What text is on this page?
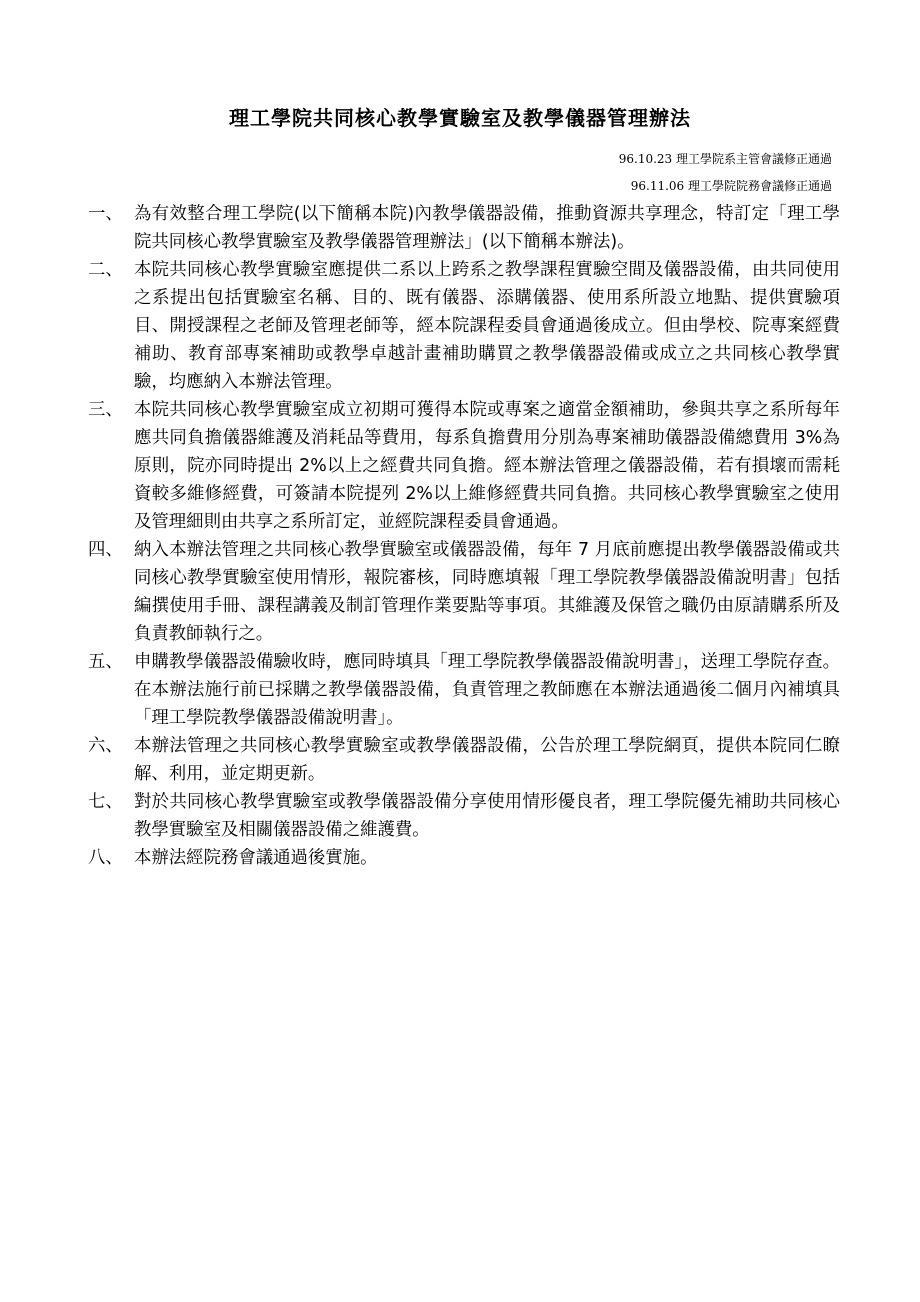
理工學院共同核心教學實驗室及教學儀器管理辦法
96.10.23 理工學院系主管會議修正通過
96.11.06 理工學院院務會議修正通過
一、 為有效整合理工學院(以下簡稱本院)內教學儀器設備，推動資源共享理念，特訂定「理工學院共同核心教學實驗室及教學儀器管理辦法」(以下簡稱本辦法)。
二、 本院共同核心教學實驗室應提供二系以上跨系之教學課程實驗空間及儀器設備，由共同使用之系提出包括實驗室名稱、目的、既有儀器、添購儀器、使用系所設立地點、提供實驗項目、開授課程之老師及管理老師等，經本院課程委員會通過後成立。但由學校、院專案經費補助、教育部專案補助或教學卓越計畫補助購買之教學儀器設備或成立之共同核心教學實驗，均應納入本辦法管理。
三、 本院共同核心教學實驗室成立初期可獲得本院或專案之適當金額補助，參與共享之系所每年應共同負擔儀器維護及消耗品等費用，每系負擔費用分別為專案補助儀器設備總費用 3%為原則，院亦同時提出 2%以上之經費共同負擔。經本辦法管理之儀器設備，若有損壞而需耗資較多維修經費，可簽請本院提列 2%以上維修經費共同負擔。共同核心教學實驗室之使用及管理細則由共享之系所訂定，並經院課程委員會通過。
四、 納入本辦法管理之共同核心教學實驗室或儀器設備，每年 7 月底前應提出教學儀器設備或共同核心教學實驗室使用情形，報院審核，同時應填報「理工學院教學儀器設備說明書」包括編撰使用手冊、課程講義及制訂管理作業要點等事項。其維護及保管之職仍由原請購系所及負責教師執行之。
五、 申購教學儀器設備驗收時，應同時填具「理工學院教學儀器設備說明書」，送理工學院存查。在本辦法施行前已採購之教學儀器設備，負責管理之教師應在本辦法通過後二個月內補填具「理工學院教學儀器設備說明書」。
六、 本辦法管理之共同核心教學實驗室或教學儀器設備，公告於理工學院網頁，提供本院同仁瞭解、利用，並定期更新。
七、 對於共同核心教學實驗室或教學儀器設備分享使用情形優良者，理工學院優先補助共同核心教學實驗室及相關儀器設備之維護費。
八、 本辦法經院務會議通過後實施。
